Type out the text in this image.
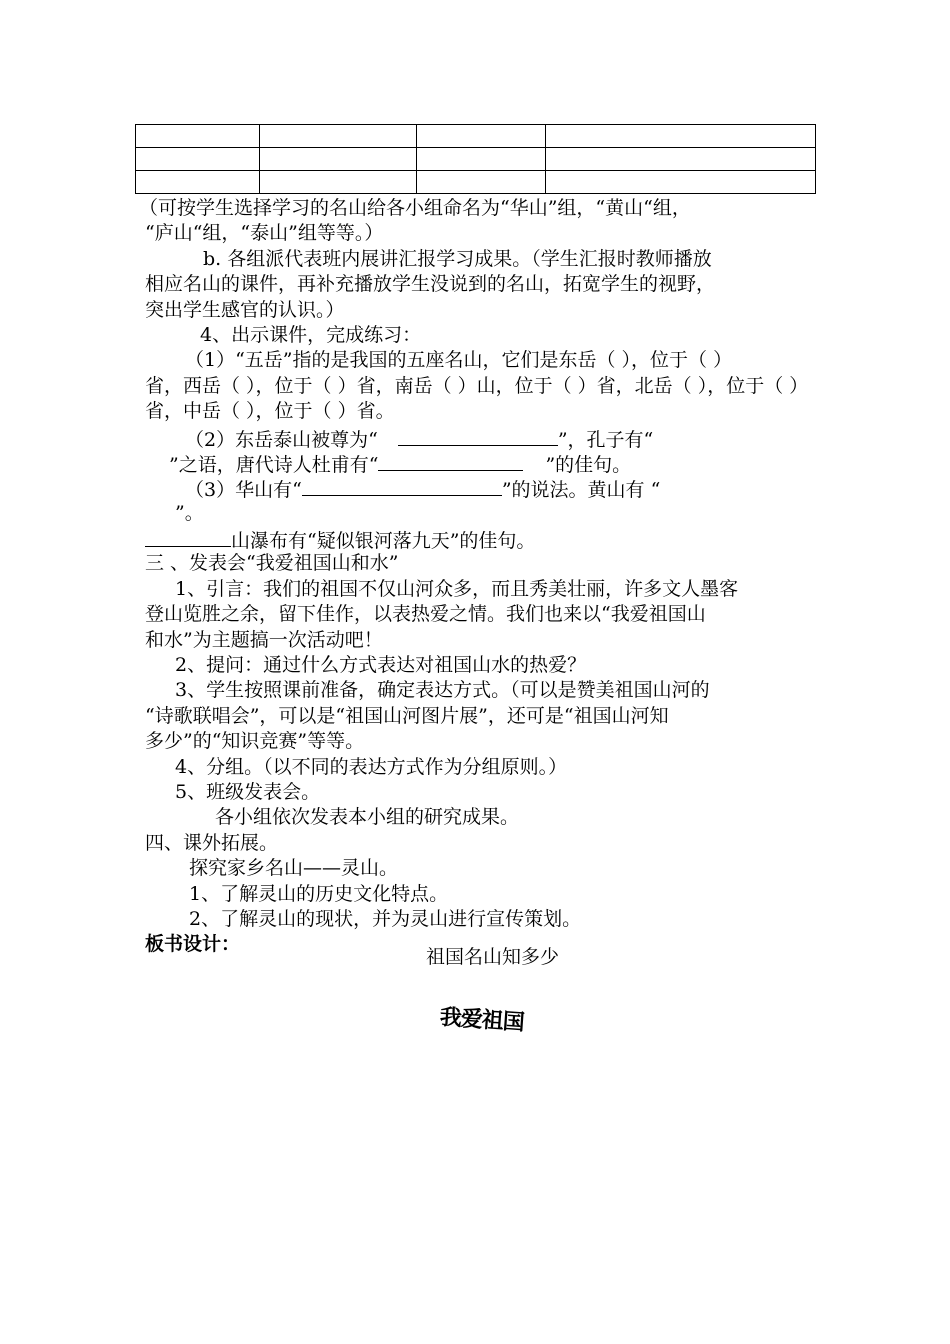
（可按学生选择学习的名山给各小组命名为“华山”组，“黄山“组，
“庐山“组，“泰山”组等等。）
b. 各组派代表班内展讲汇报学习成果。（学生汇报时教师播放
相应名山的课件，再补充播放学生没说到的名山，拓宽学生的视野，
突出学生感官的认识。）
4、出示课件，完成练习：
（1）“五岳”指的是我国的五座名山，它们是东岳（ ），位于（ ）
省，西岳（ ），位于（ ）省，南岳（ ）山，位于（ ）省，北岳（ ），位于（ ）
省，中岳（ ），位于（ ）省。
（2）东岳泰山被尊为“	”，孔子有“
”之语，唐代诗人杜甫有“	”的佳句。
（3）华山有“	”的说法。黄山有 “
”。
山瀑布有“疑似银河落九天”的佳句。
三 、发表会“我爱祖国山和水”
1、引言：我们的祖国不仅山河众多，而且秀美壮丽，许多文人墨客
登山览胜之余，留下佳作，以表热爱之情。我们也来以“我爱祖国山
和水”为主题搞一次活动吧！
2、提问：通过什么方式表达对祖国山水的热爱？
3、学生按照课前准备，确定表达方式。（可以是赞美祖国山河的
“诗歌联唱会”，可以是“祖国山河图片展”，还可是“祖国山河知
多少”的“知识竞赛”等等。
4、分组。（以不同的表达方式作为分组原则。）
5、班级发表会。
各小组依次发表本小组的研究成果。
四、课外拓展。
探究家乡名山——灵山。
1、了解灵山的历史文化特点。
2、了解灵山的现状，并为灵山进行宣传策划。
板书设计：
祖国名山知多少
我爱祖国
